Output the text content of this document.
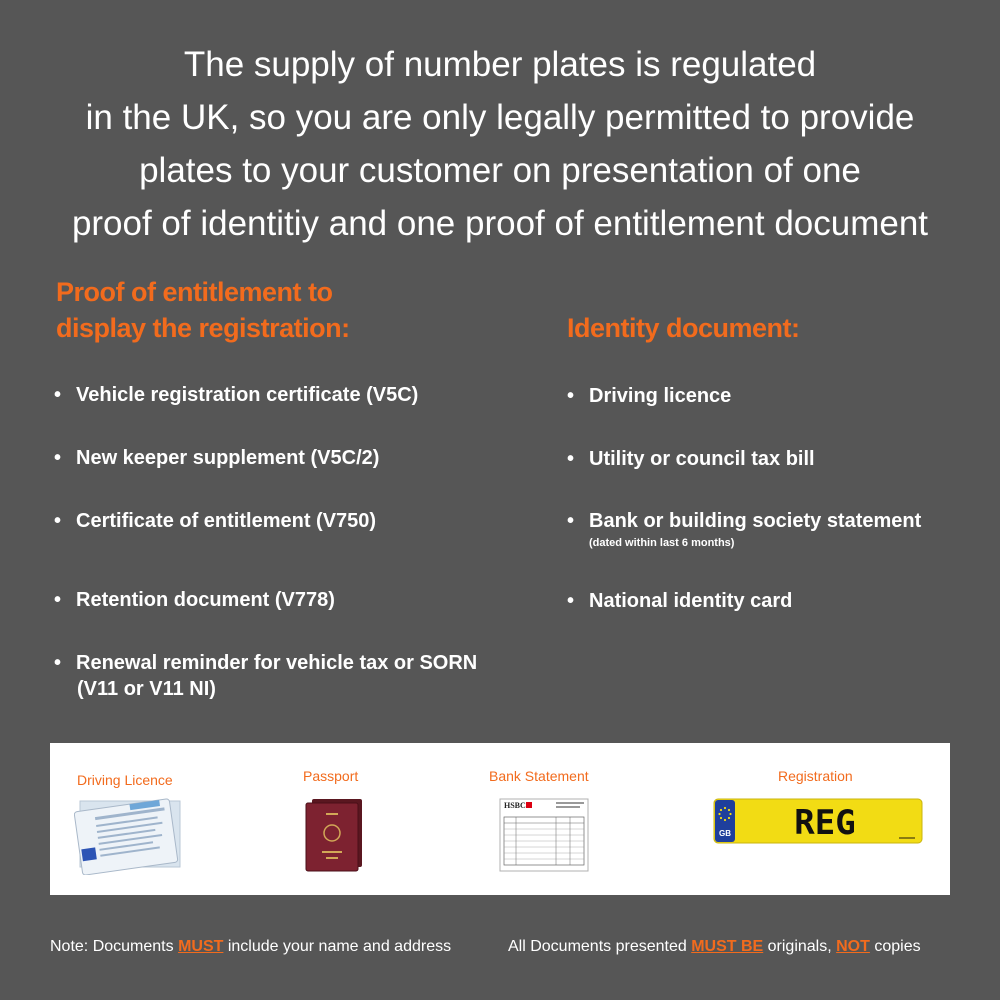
The supply of number plates is regulated
in the UK, so you are only legally permitted to provide
plates to your customer on presentation of one
proof of identitiy and one proof of entitlement document
Proof of entitlement to
display the registration:
• Vehicle registration certificate (V5C)
• New keeper supplement (V5C/2)
• Certificate of entitlement (V750)
• Retention document (V778)
• Renewal reminder for vehicle tax or SORN
(V11 or V11 NI)
Identity document:
• Driving licence
• Utility or council tax bill
• Bank or building society statement
(dated within last 6 months)
• National identity card
Driving Licence	Passport	Bank Statement	Registration
HSBC
GB REG
Note: Documents MUST include your name and address	All Documents presented MUST BE originals, NOT copies
